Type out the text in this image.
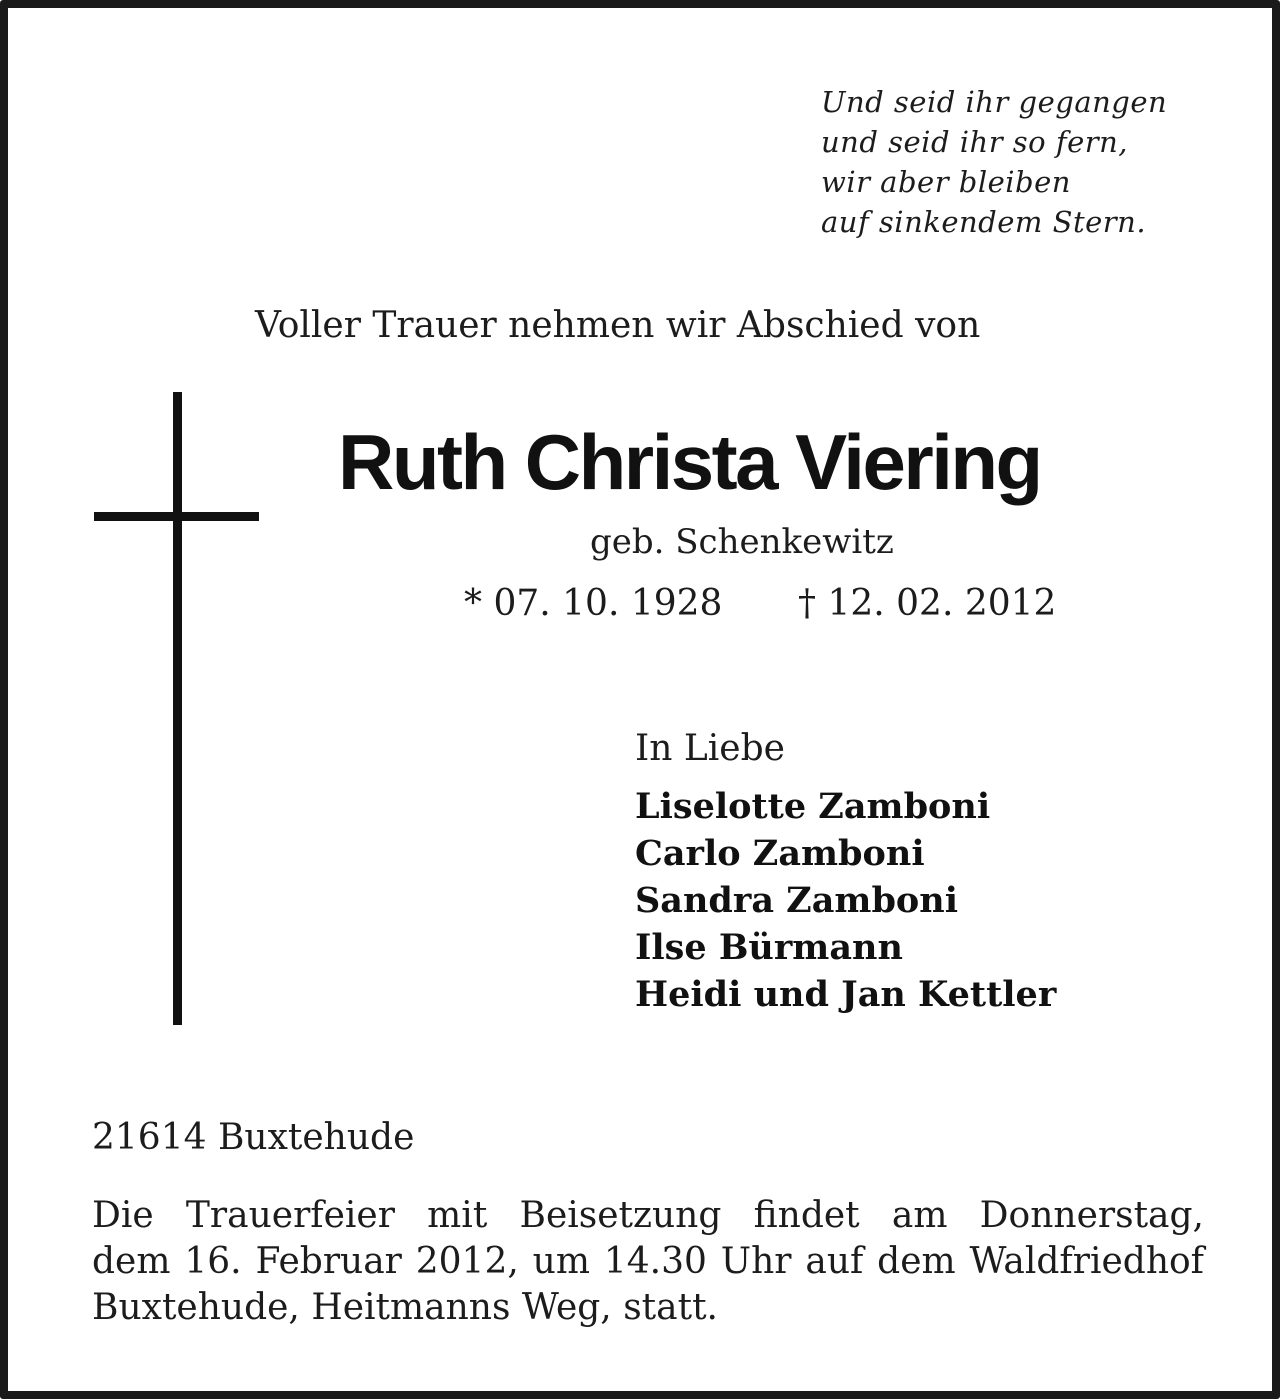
Und seid ihr gegangen
und seid ihr so fern,
wir aber bleiben
auf sinkendem Stern.
Voller Trauer nehmen wir Abschied von
Ruth Christa Viering
geb. Schenkewitz
* 07. 10. 1928 † 12. 02. 2012
In Liebe
Liselotte Zamboni
Carlo Zamboni
Sandra Zamboni
Ilse Bürmann
Heidi und Jan Kettler
21614 Buxtehude
Die Trauerfeier mit Beisetzung findet am Donnerstag,
dem 16. Februar 2012, um 14.30 Uhr auf dem Waldfriedhof
Buxtehude, Heitmanns Weg, statt.
